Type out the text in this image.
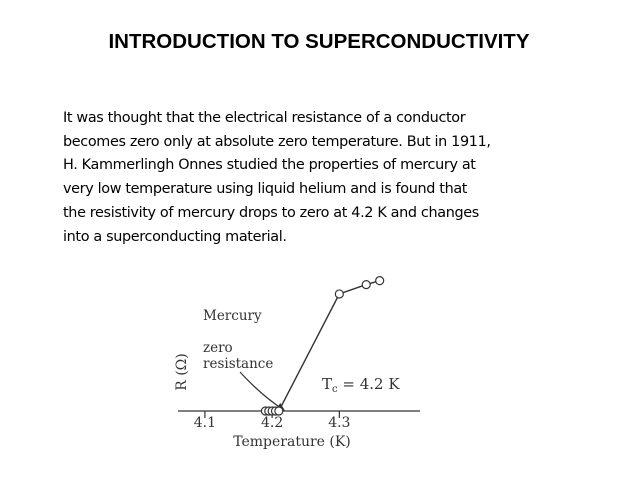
INTRODUCTION TO SUPERCONDUCTIVITY

It was thought that the electrical resistance of a conductor
becomes zero only at absolute zero temperature. But in 1911,
H. Kammerlingh Onnes studied the properties of mercury at
very low temperature using liquid helium and is found that
the resistivity of mercury drops to zero at 4.2 K and changes
into a superconducting material.

4.1	4.2	4.3
Temperature (K)
R (Ω)
Mercury
zero
resistance
$T_c = 4.2$ K
